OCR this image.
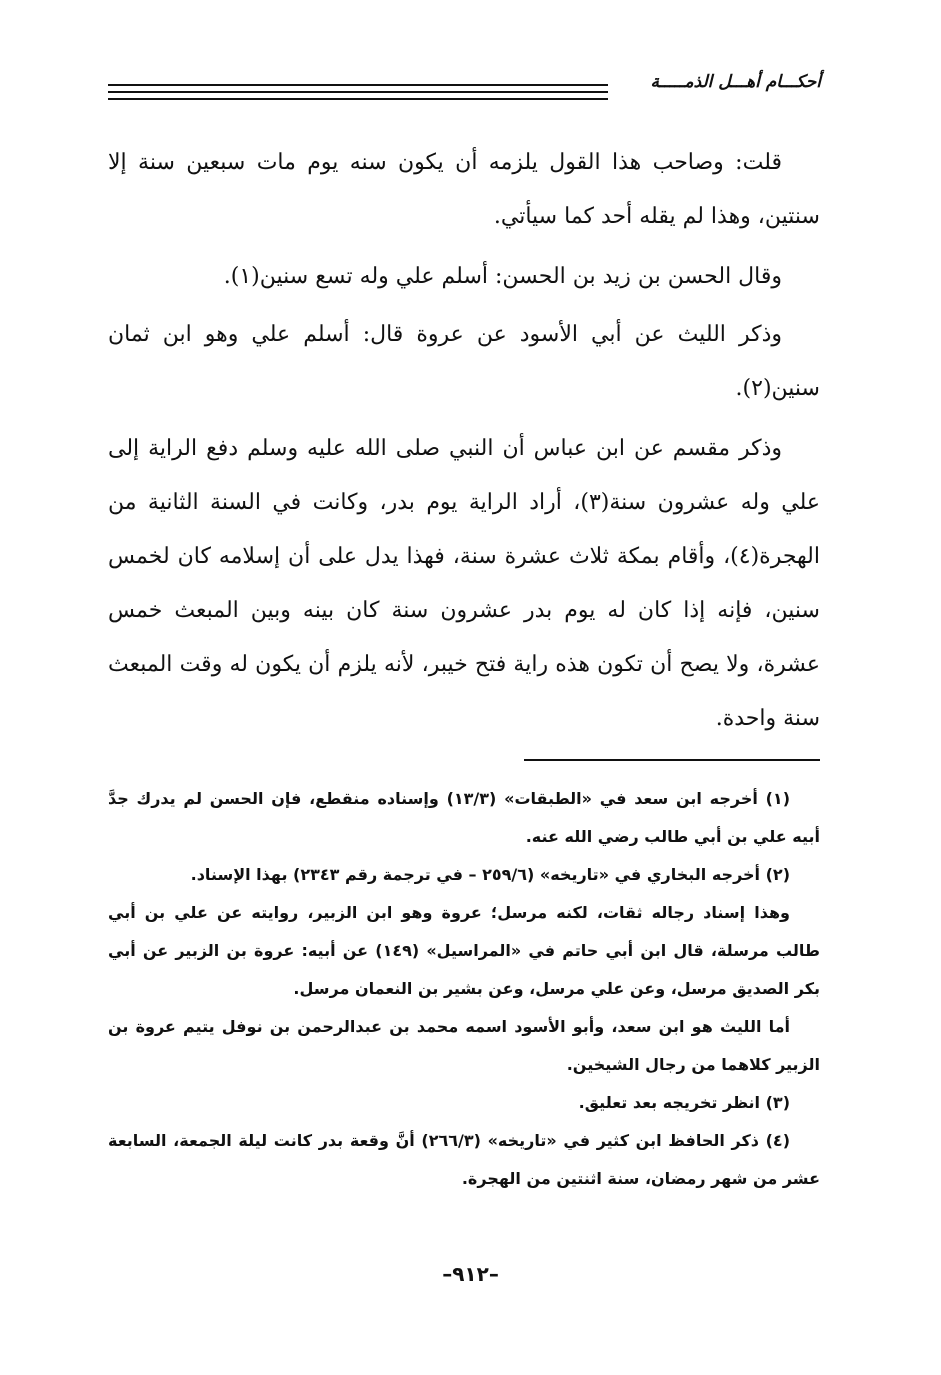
أحكـــام أهـــل الذمـــــة

قلت: وصاحب هذا القول يلزمه أن يكون سنه يوم مات سبعين سنة إلا سنتين، وهذا لم يقله أحد كما سيأتي.

وقال الحسن بن زيد بن الحسن: أسلم علي وله تسع سنين(١).

وذكر الليث عن أبي الأسود عن عروة قال: أسلم علي وهو ابن ثمان سنين(٢).

وذكر مقسم عن ابن عباس أن النبي صلى الله عليه وسلم دفع الراية إلى علي وله عشرون سنة(٣)، أراد الراية يوم بدر، وكانت في السنة الثانية من الهجرة(٤)، وأقام بمكة ثلاث عشرة سنة، فهذا يدل على أن إسلامه كان لخمس سنين، فإنه إذا كان له يوم بدر عشرون سنة كان بينه وبين المبعث خمس عشرة، ولا يصح أن تكون هذه راية فتح خيبر، لأنه يلزم أن يكون له وقت المبعث سنة واحدة.

(١) أخرجه ابن سعد في «الطبقات» (١٣/٣) وإسناده منقطع، فإن الحسن لم يدرك جدَّ أبيه علي بن أبي طالب رضي الله عنه.

(٢) أخرجه البخاري في «تاريخه» (٢٥٩/٦ – في ترجمة رقم ٢٣٤٣) بهذا الإسناد.

وهذا إسناد رجاله ثقات، لكنه مرسل؛ عروة وهو ابن الزبير، روايته عن علي بن أبي طالب مرسلة، قال ابن أبي حاتم في «المراسيل» (١٤٩) عن أبيه: عروة بن الزبير عن أبي بكر الصديق مرسل، وعن علي مرسل، وعن بشير بن النعمان مرسل.

أما الليث هو ابن سعد، وأبو الأسود اسمه محمد بن عبدالرحمن بن نوفل يتيم عروة بن الزبير كلاهما من رجال الشيخين.

(٣) انظر تخريجه بعد تعليق.

(٤) ذكر الحافظ ابن كثير في «تاريخه» (٢٦٦/٣) أنَّ وقعة بدر كانت ليلة الجمعة، السابعة عشر من شهر رمضان، سنة اثنتين من الهجرة.

–٩١٢–
